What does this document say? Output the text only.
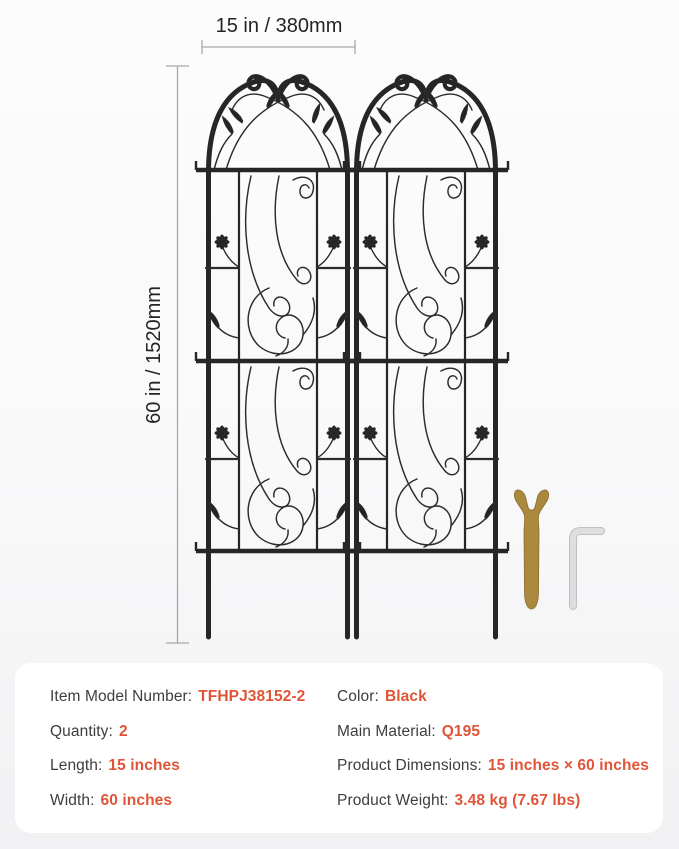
15 in / 380mm
60 in / 1520mm
Item Model Number: TFHPJ38152-2
Quantity: 2
Length: 15 inches
Width: 60 inches
Color: Black
Main Material: Q195
Product Dimensions: 15 inches × 60 inches
Product Weight: 3.48 kg (7.67 lbs)
